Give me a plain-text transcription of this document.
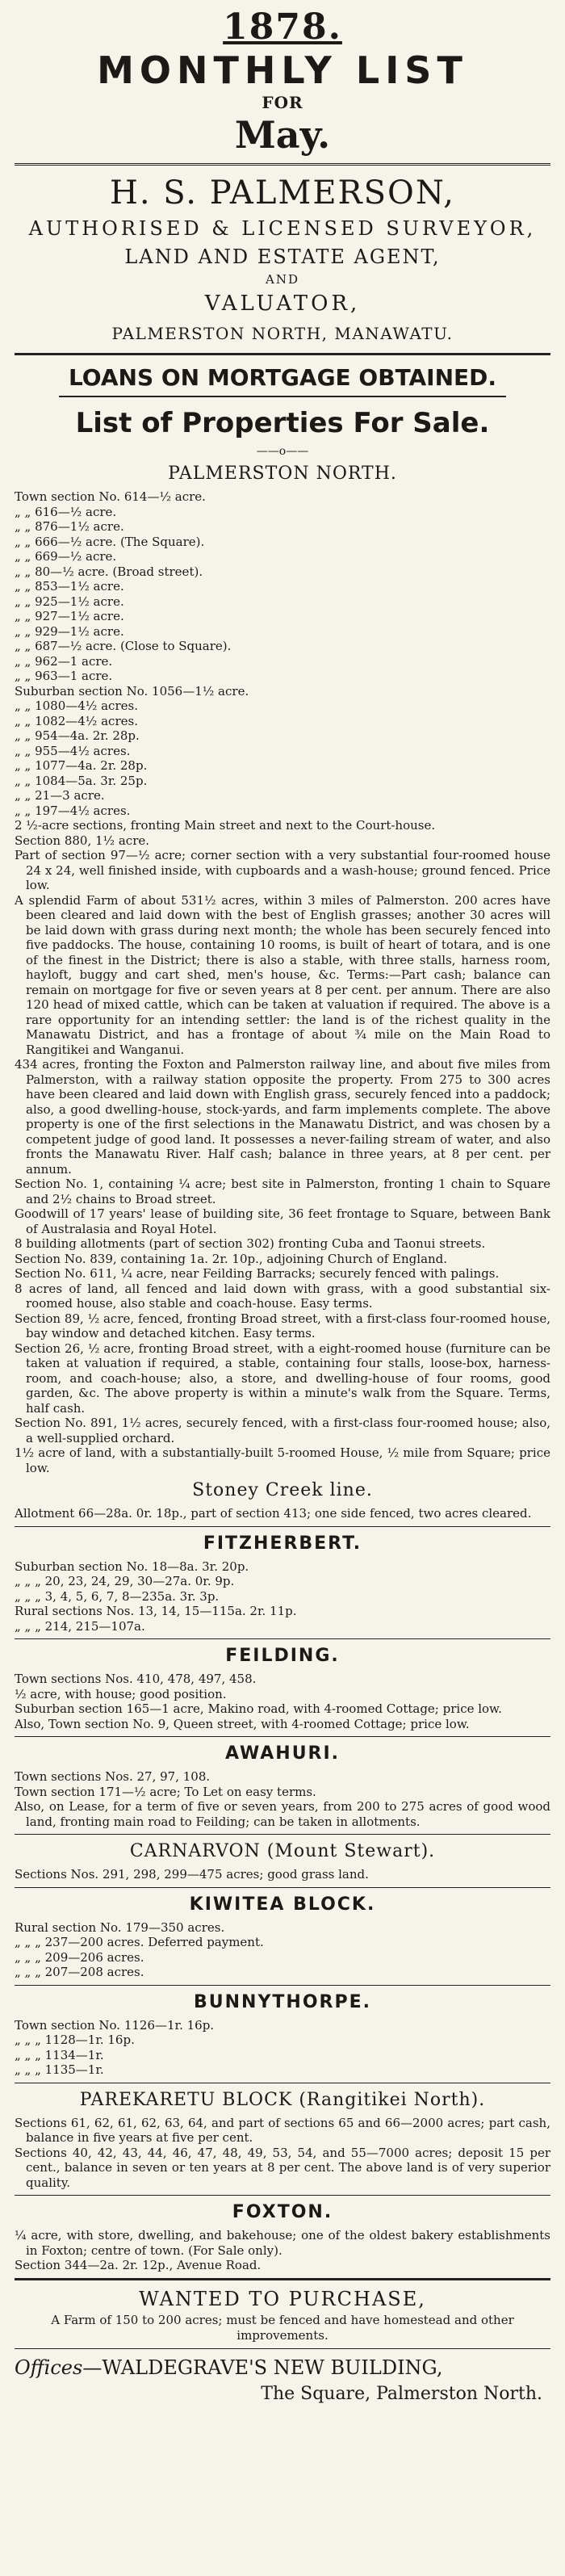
1878.
MONTHLY LIST
FOR
May.
H. S. PALMERSON,
AUTHORISED & LICENSED SURVEYOR,
LAND AND ESTATE AGENT,
AND
VALUATOR,
PALMERSTON NORTH, MANAWATU.
LOANS ON MORTGAGE OBTAINED.
List of Properties For Sale.
——o——
PALMERSTON NORTH.
Town section No. 614—½ acre.
„ „ 616—½ acre.
„ „ 876—1½ acre.
„ „ 666—½ acre. (The Square).
„ „ 669—½ acre.
„ „ 80—½ acre. (Broad street).
„ „ 853—1½ acre.
„ „ 925—1½ acre.
„ „ 927—1½ acre.
„ „ 929—1½ acre.
„ „ 687—½ acre. (Close to Square).
„ „ 962—1 acre.
„ „ 963—1 acre.
Suburban section No. 1056—1½ acre.
„ „ 1080—4½ acres.
„ „ 1082—4½ acres.
„ „ 954—4a. 2r. 28p.
„ „ 955—4½ acres.
„ „ 1077—4a. 2r. 28p.
„ „ 1084—5a. 3r. 25p.
„ „ 21—3 acre.
„ „ 197—4½ acres.
2 ½-acre sections, fronting Main street and next to the Court-house.
Section 880, 1½ acre.
Part of section 97—½ acre; corner section with a very substantial four-roomed house 24 x 24, well finished inside, with cupboards and a wash-house; ground fenced. Price low.
A splendid Farm of about 531½ acres, within 3 miles of Palmerston. 200 acres have been cleared and laid down with the best of English grasses; another 30 acres will be laid down with grass during next month; the whole has been securely fenced into five paddocks. The house, containing 10 rooms, is built of heart of totara, and is one of the finest in the District; there is also a stable, with three stalls, harness room, hayloft, buggy and cart shed, men's house, &c. Terms:—Part cash; balance can remain on mortgage for five or seven years at 8 per cent. per annum. There are also 120 head of mixed cattle, which can be taken at valuation if required. The above is a rare opportunity for an intending settler: the land is of the richest quality in the Manawatu District, and has a frontage of about ¾ mile on the Main Road to Rangitikei and Wanganui.
434 acres, fronting the Foxton and Palmerston railway line, and about five miles from Palmerston, with a railway station opposite the property. From 275 to 300 acres have been cleared and laid down with English grass, securely fenced into a paddock; also, a good dwelling-house, stock-yards, and farm implements complete. The above property is one of the first selections in the Manawatu District, and was chosen by a competent judge of good land. It possesses a never-failing stream of water, and also fronts the Manawatu River. Half cash; balance in three years, at 8 per cent. per annum.
Section No. 1, containing ¼ acre; best site in Palmerston, fronting 1 chain to Square and 2½ chains to Broad street.
Goodwill of 17 years' lease of building site, 36 feet frontage to Square, between Bank of Australasia and Royal Hotel.
8 building allotments (part of section 302) fronting Cuba and Taonui streets.
Section No. 839, containing 1a. 2r. 10p., adjoining Church of England.
Section No. 611, ¼ acre, near Feilding Barracks; securely fenced with palings.
8 acres of land, all fenced and laid down with grass, with a good substantial six-roomed house, also stable and coach-house. Easy terms.
Section 89, ½ acre, fenced, fronting Broad street, with a first-class four-roomed house, bay window and detached kitchen. Easy terms.
Section 26, ½ acre, fronting Broad street, with a eight-roomed house (furniture can be taken at valuation if required, a stable, containing four stalls, loose-box, harness-room, and coach-house; also, a store, and dwelling-house of four rooms, good garden, &c. The above property is within a minute's walk from the Square. Terms, half cash.
Section No. 891, 1½ acres, securely fenced, with a first-class four-roomed house; also, a well-supplied orchard.
1½ acre of land, with a substantially-built 5-roomed House, ½ mile from Square; price low.
Stoney Creek line.
Allotment 66—28a. 0r. 18p., part of section 413; one side fenced, two acres cleared.
FITZHERBERT.
Suburban section No. 18—8a. 3r. 20p.
„ „ „ 20, 23, 24, 29, 30—27a. 0r. 9p.
„ „ „ 3, 4, 5, 6, 7, 8—235a. 3r. 3p.
Rural sections Nos. 13, 14, 15—115a. 2r. 11p.
„ „ „ 214, 215—107a.
FEILDING.
Town sections Nos. 410, 478, 497, 458.
½ acre, with house; good position.
Suburban section 165—1 acre, Makino road, with 4-roomed Cottage; price low.
Also, Town section No. 9, Queen street, with 4-roomed Cottage; price low.
AWAHURI.
Town sections Nos. 27, 97, 108.
Town section 171—½ acre; To Let on easy terms.
Also, on Lease, for a term of five or seven years, from 200 to 275 acres of good wood land, fronting main road to Feilding; can be taken in allotments.
CARNARVON (Mount Stewart).
Sections Nos. 291, 298, 299—475 acres; good grass land.
KIWITEA BLOCK.
Rural section No. 179—350 acres.
„ „ „ 237—200 acres. Deferred payment.
„ „ „ 209—206 acres.
„ „ „ 207—208 acres.
BUNNYTHORPE.
Town section No. 1126—1r. 16p.
„ „ „ 1128—1r. 16p.
„ „ „ 1134—1r.
„ „ „ 1135—1r.
PAREKARETU BLOCK (Rangitikei North).
Sections 61, 62, 61, 62, 63, 64, and part of sections 65 and 66—2000 acres; part cash, balance in five years at five per cent.
Sections 40, 42, 43, 44, 46, 47, 48, 49, 53, 54, and 55—7000 acres; deposit 15 per cent., balance in seven or ten years at 8 per cent. The above land is of very superior quality.
FOXTON.
¼ acre, with store, dwelling, and bakehouse; one of the oldest bakery establishments in Foxton; centre of town. (For Sale only).
Section 344—2a. 2r. 12p., Avenue Road.
WANTED TO PURCHASE,
A Farm of 150 to 200 acres; must be fenced and have homestead and other improvements.
Offices—WALDEGRAVE'S NEW BUILDING,
The Square, Palmerston North.
